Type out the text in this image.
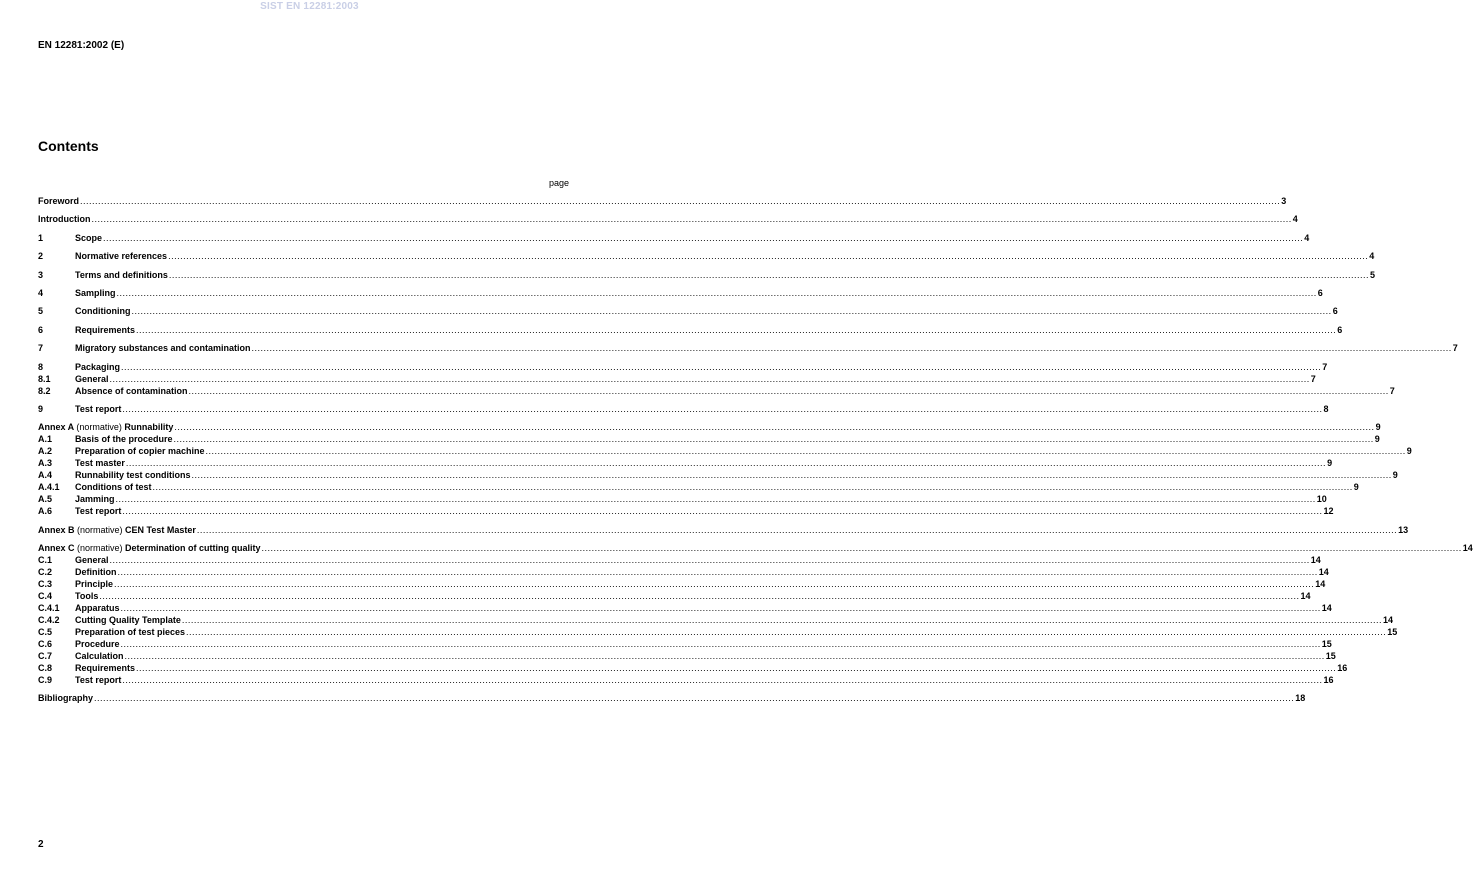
SIST EN 12281:2003
EN 12281:2002 (E)
Contents
page
Foreword ................................................................................................................................................................................................................................................................................................................................................................................................................ 3
Introduction ................................................................................................................................................................................................................................................................................................................................................................................................................ 4
1	Scope ................................................................................................................................................................................................................................................................................................................................................................................................................ 4
2	Normative references ................................................................................................................................................................................................................................................................................................................................................................................................................ 4
3	Terms and definitions ................................................................................................................................................................................................................................................................................................................................................................................................................ 5
4	Sampling ................................................................................................................................................................................................................................................................................................................................................................................................................ 6
5	Conditioning ................................................................................................................................................................................................................................................................................................................................................................................................................ 6
6	Requirements ................................................................................................................................................................................................................................................................................................................................................................................................................ 6
7	Migratory substances and contamination ................................................................................................................................................................................................................................................................................................................................................................................................................ 7
8	Packaging ................................................................................................................................................................................................................................................................................................................................................................................................................ 7
8.1	General ................................................................................................................................................................................................................................................................................................................................................................................................................ 7
8.2	Absence of contamination ................................................................................................................................................................................................................................................................................................................................................................................................................ 7
9	Test report ................................................................................................................................................................................................................................................................................................................................................................................................................ 8
Annex A (normative) Runnability ................................................................................................................................................................................................................................................................................................................................................................................................................ 9
A.1	Basis of the procedure ................................................................................................................................................................................................................................................................................................................................................................................................................ 9
A.2	Preparation of copier machine ................................................................................................................................................................................................................................................................................................................................................................................................................ 9
A.3	Test master ................................................................................................................................................................................................................................................................................................................................................................................................................ 9
A.4	Runnability test conditions ................................................................................................................................................................................................................................................................................................................................................................................................................ 9
A.4.1	Conditions of test ................................................................................................................................................................................................................................................................................................................................................................................................................ 9
A.5	Jamming ................................................................................................................................................................................................................................................................................................................................................................................................................ 10
A.6	Test report ................................................................................................................................................................................................................................................................................................................................................................................................................ 12
Annex B (normative) CEN Test Master ................................................................................................................................................................................................................................................................................................................................................................................................................ 13
Annex C (normative) Determination of cutting quality ................................................................................................................................................................................................................................................................................................................................................................................................................ 14
C.1	General ................................................................................................................................................................................................................................................................................................................................................................................................................ 14
C.2	Definition ................................................................................................................................................................................................................................................................................................................................................................................................................ 14
C.3	Principle ................................................................................................................................................................................................................................................................................................................................................................................................................ 14
C.4	Tools ................................................................................................................................................................................................................................................................................................................................................................................................................ 14
C.4.1	Apparatus ................................................................................................................................................................................................................................................................................................................................................................................................................ 14
C.4.2	Cutting Quality Template ................................................................................................................................................................................................................................................................................................................................................................................................................ 14
C.5	Preparation of test pieces ................................................................................................................................................................................................................................................................................................................................................................................................................ 15
C.6	Procedure ................................................................................................................................................................................................................................................................................................................................................................................................................ 15
C.7	Calculation ................................................................................................................................................................................................................................................................................................................................................................................................................ 15
C.8	Requirements ................................................................................................................................................................................................................................................................................................................................................................................................................ 16
C.9	Test report ................................................................................................................................................................................................................................................................................................................................................................................................................ 16
Bibliography ................................................................................................................................................................................................................................................................................................................................................................................................................ 18
2
